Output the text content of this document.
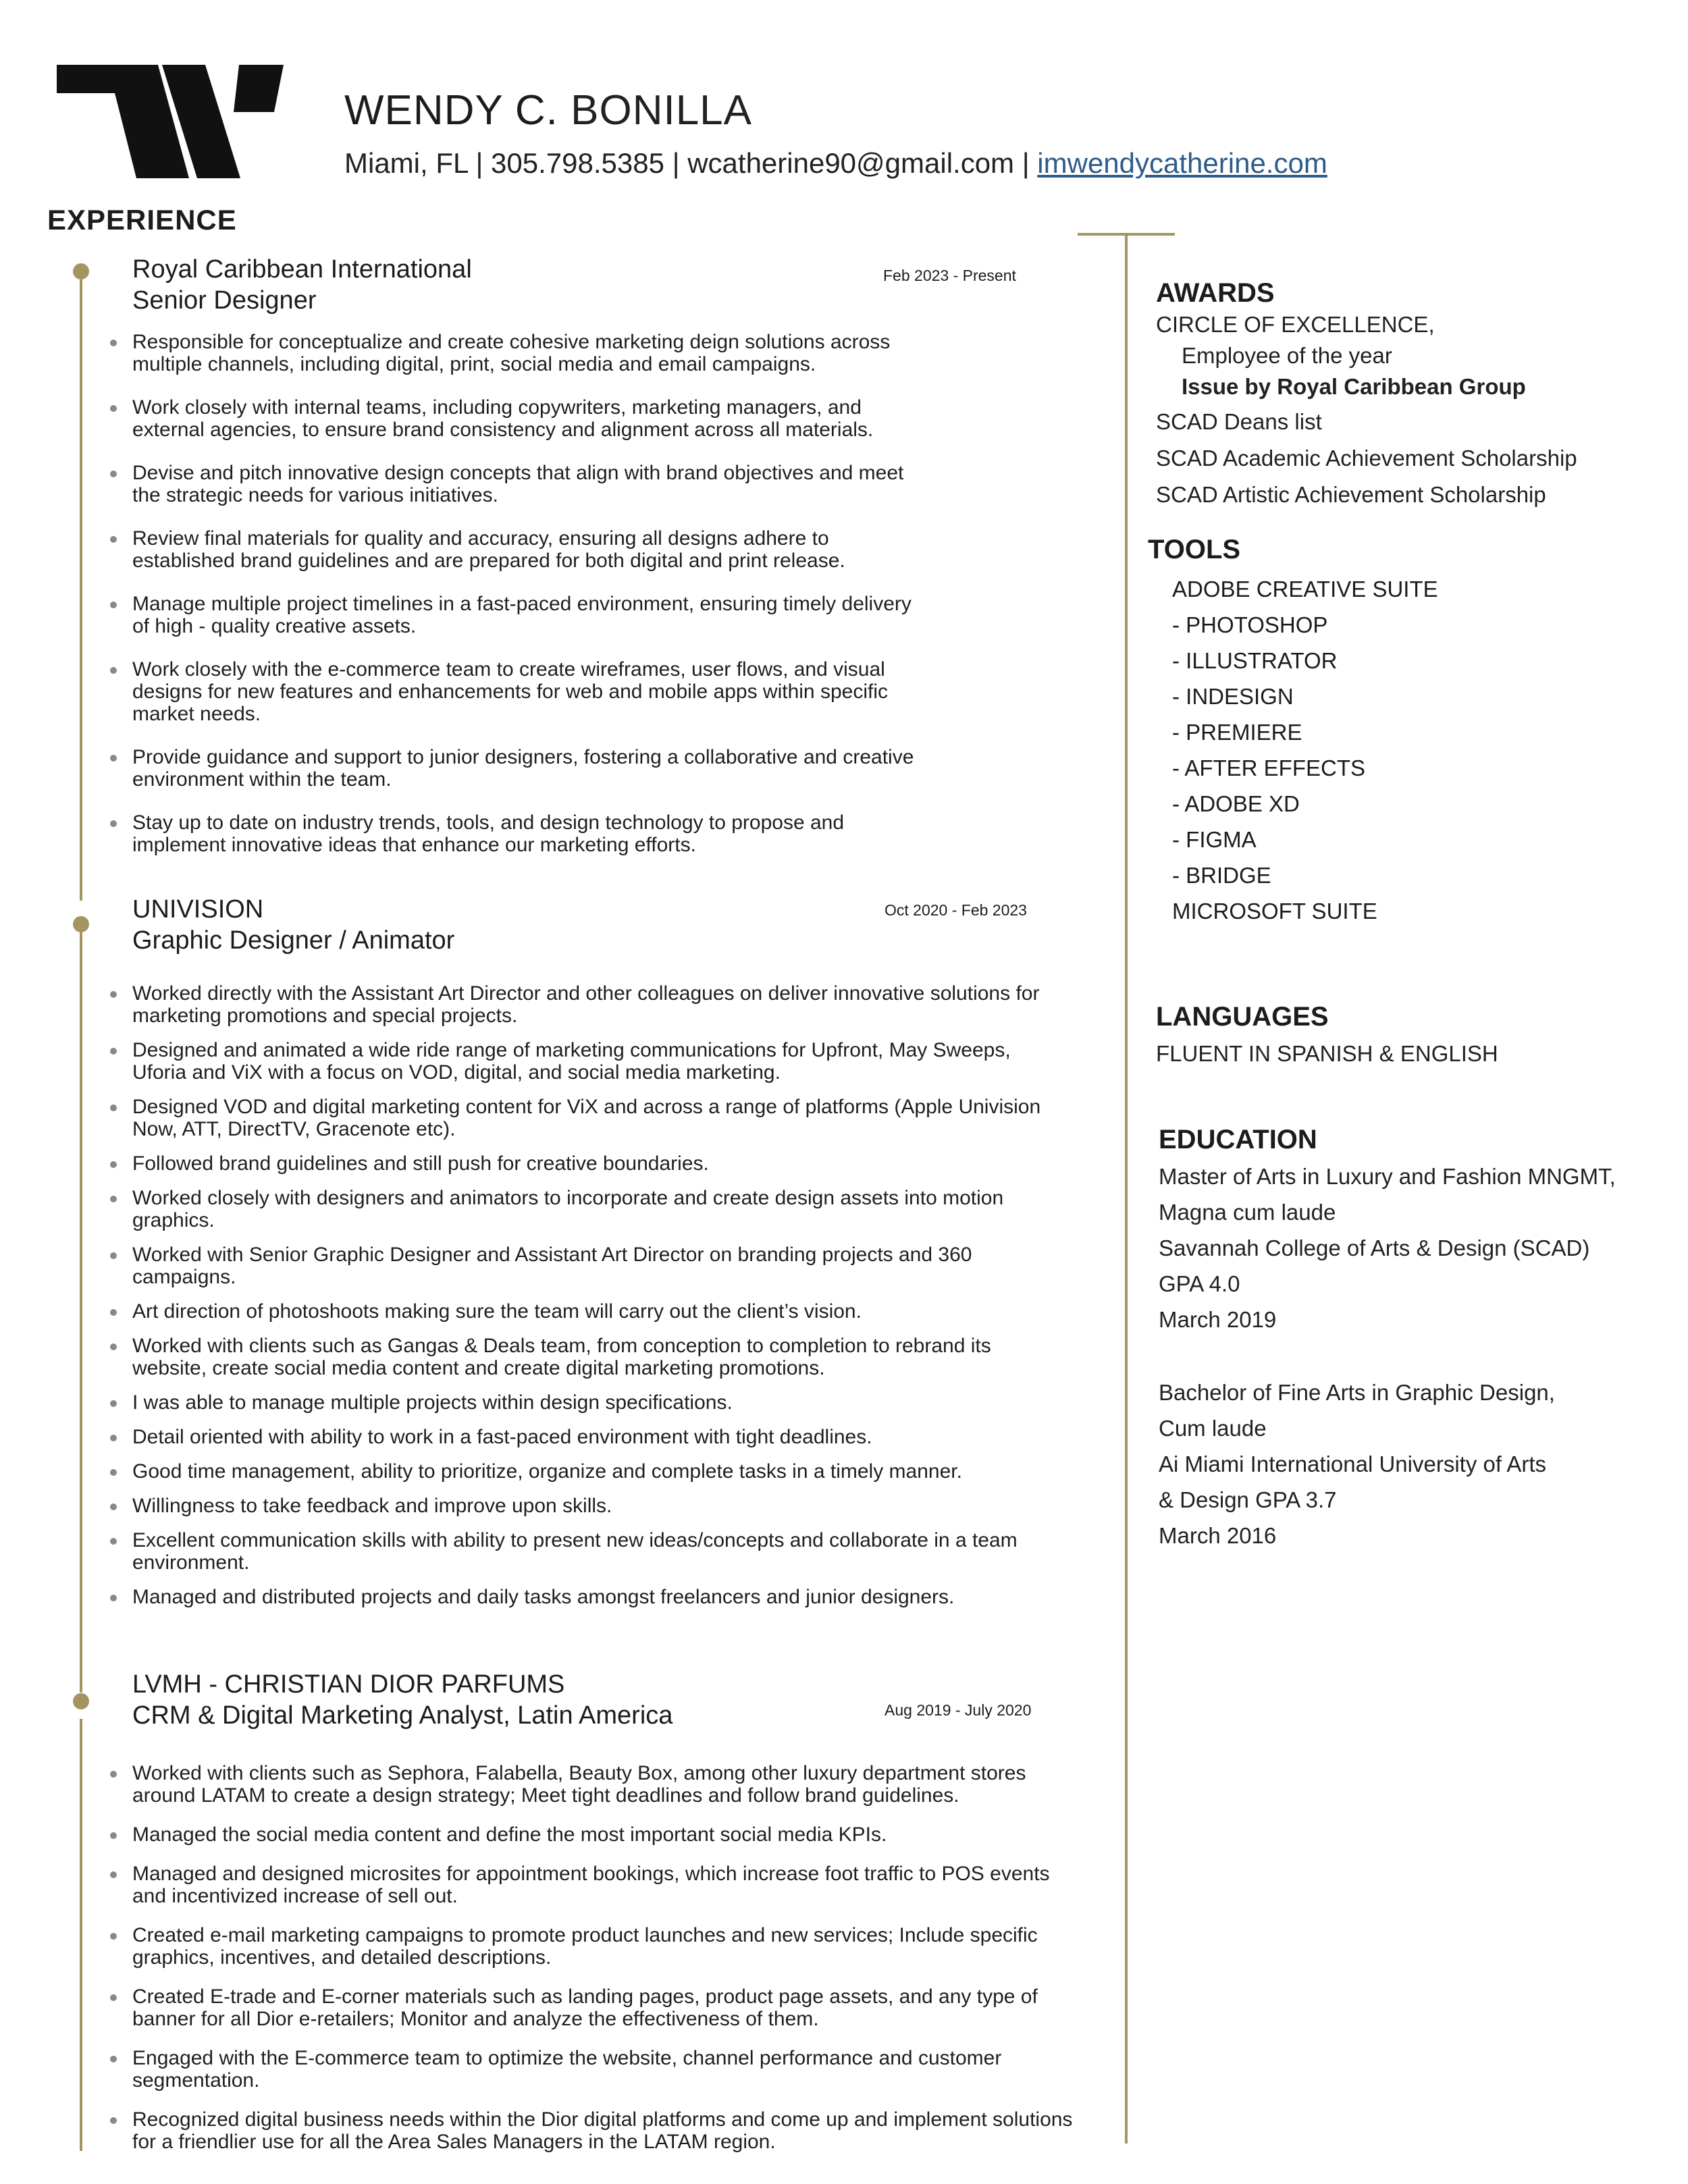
WENDY C. BONILLA
Miami, FL | 305.798.5385 | wcatherine90@gmail.com | imwendycatherine.com
EXPERIENCE
Royal Caribbean International
Senior Designer
Feb 2023 - Present
Responsible for conceptualize and create cohesive marketing deign solutions across multiple channels, including digital, print, social media and email campaigns.
Work closely with internal teams, including copywriters, marketing managers, and external agencies, to ensure brand consistency and alignment across all materials.
Devise and pitch innovative design concepts that align with brand objectives and meet the strategic needs for various initiatives.
Review final materials for quality and accuracy, ensuring all designs adhere to established brand guidelines and are prepared for both digital and print release.
Manage multiple project timelines in a fast-paced environment, ensuring timely delivery of high - quality creative assets.
Work closely with the e-commerce team to create wireframes, user flows, and visual designs for new features and enhancements for web and mobile apps within specific market needs.
Provide guidance and support to junior designers, fostering a collaborative and creative environment within the team.
Stay up to date on industry trends, tools, and design technology to propose and implement innovative ideas that enhance our marketing efforts.
UNIVISION
Graphic Designer / Animator
Oct 2020 - Feb 2023
Worked directly with the Assistant Art Director and other colleagues on deliver innovative solutions for marketing promotions and special projects.
Designed and animated a wide ride range of marketing communications for Upfront, May Sweeps, Uforia and ViX with a focus on VOD, digital, and social media marketing.
Designed VOD and digital marketing content for ViX and across a range of platforms (Apple Univision Now, ATT, DirectTV, Gracenote etc).
Followed brand guidelines and still push for creative boundaries.
Worked closely with designers and animators to incorporate and create design assets into motion graphics.
Worked with Senior Graphic Designer and Assistant Art Director on branding projects and 360 campaigns.
Art direction of photoshoots making sure the team will carry out the client’s vision.
Worked with clients such as Gangas & Deals team, from conception to completion to rebrand its website, create social media content and create digital marketing promotions.
I was able to manage multiple projects within design specifications.
Detail oriented with ability to work in a fast-paced environment with tight deadlines.
Good time management, ability to prioritize, organize and complete tasks in a timely manner.
Willingness to take feedback and improve upon skills.
Excellent communication skills with ability to present new ideas/concepts and collaborate in a team environment.
Managed and distributed projects and daily tasks amongst freelancers and junior designers.
LVMH - CHRISTIAN DIOR PARFUMS
CRM & Digital Marketing Analyst, Latin America	Aug 2019 - July 2020
Worked with clients such as Sephora, Falabella, Beauty Box, among other luxury department stores around LATAM to create a design strategy; Meet tight deadlines and follow brand guidelines.
Managed the social media content and define the most important social media KPIs.
Managed and designed microsites for appointment bookings, which increase foot traffic to POS events and incentivized increase of sell out.
Created e-mail marketing campaigns to promote product launches and new services; Include specific graphics, incentives, and detailed descriptions.
Created E-trade and E-corner materials such as landing pages, product page assets, and any type of banner for all Dior e-retailers; Monitor and analyze the effectiveness of them.
Engaged with the E-commerce team to optimize the website, channel performance and customer segmentation.
Recognized digital business needs within the Dior digital platforms and come up and implement solutions for a friendlier use for all the Area Sales Managers in the LATAM region.
AWARDS
CIRCLE OF EXCELLENCE,
Employee of the year
Issue by Royal Caribbean Group
SCAD Deans list
SCAD Academic Achievement Scholarship
SCAD Artistic Achievement Scholarship
TOOLS
ADOBE CREATIVE SUITE
- PHOTOSHOP
- ILLUSTRATOR
- INDESIGN
- PREMIERE
- AFTER EFFECTS
- ADOBE XD
- FIGMA
- BRIDGE
MICROSOFT SUITE
LANGUAGES
FLUENT IN SPANISH & ENGLISH
EDUCATION
Master of Arts in Luxury and Fashion MNGMT,
Magna cum laude
Savannah College of Arts & Design (SCAD)
GPA 4.0
March 2019
Bachelor of Fine Arts in Graphic Design,
Cum laude
Ai Miami International University of Arts
& Design GPA 3.7
March 2016
